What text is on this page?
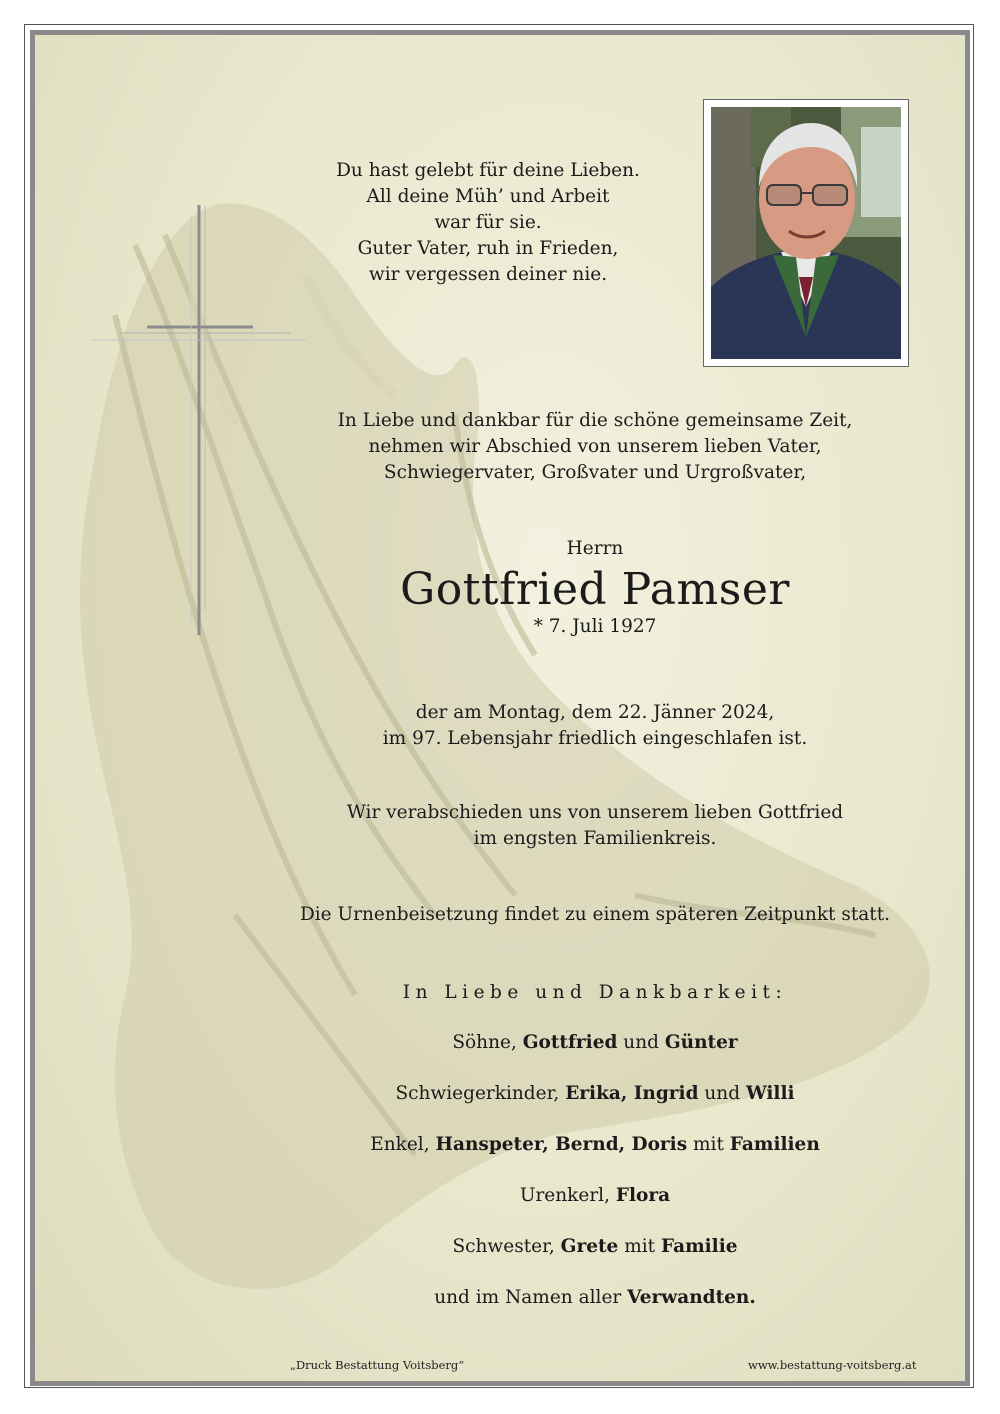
Du hast gelebt für deine Lieben.
All deine Müh’ und Arbeit
war für sie.
Guter Vater, ruh in Frieden,
wir vergessen deiner nie.
In Liebe und dankbar für die schöne gemeinsame Zeit,
nehmen wir Abschied von unserem lieben Vater,
Schwiegervater, Großvater und Urgroßvater,
Herrn
Gottfried Pamser
* 7. Juli 1927
der am Montag, dem 22. Jänner 2024,
im 97. Lebensjahr friedlich eingeschlafen ist.
Wir verabschieden uns von unserem lieben Gottfried
im engsten Familienkreis.
Die Urnenbeisetzung findet zu einem späteren Zeitpunkt statt.
In Liebe und Dankbarkeit:
Söhne, Gottfried und Günter
Schwiegerkinder, Erika, Ingrid und Willi
Enkel, Hanspeter, Bernd, Doris mit Familien
Urenkerl, Flora
Schwester, Grete mit Familie
und im Namen aller Verwandten.
„Druck Bestattung Voitsberg“	www.bestattung-voitsberg.at
